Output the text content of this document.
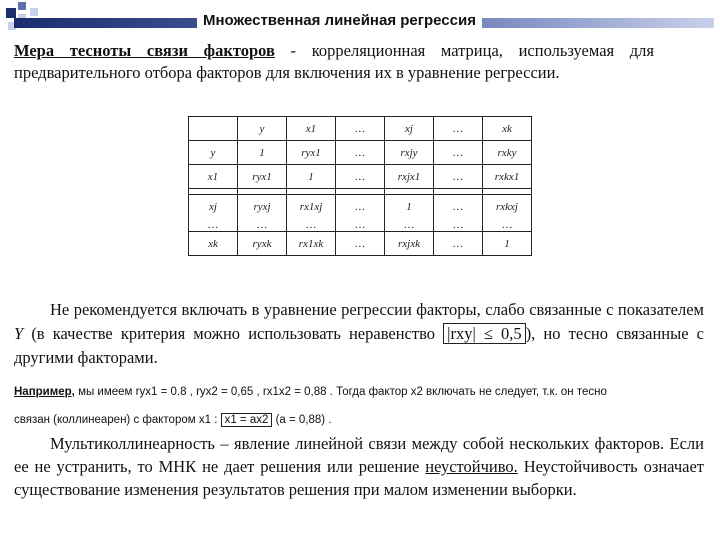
Множественная линейная регрессия

Мера тесноты связи факторов - корреляционная матрица, используемая для предварительного отбора факторов для включения их в уравнение регрессии.

	y	x1	…	xj	…	xk
y	1	ryx1	…	rxjy	…	rxky
x1	ryx1	1	…	rxjx1	…	rxkx1

xj	ryxj	rx1xj	…	1	…	rxkxj
…	…	…	…	…	…	…
xk	ryxk	rx1xk	…	rxjxk	…	1

Не рекомендуется включать в уравнение регрессии факторы, слабо связанные с показателем Y (в качестве критерия можно использовать неравенство |rxy| ≤ 0,5 ), но тесно связанные с другими факторами.

Например, мы имеем ryx1 = 0.8 , ryx2 = 0,65 , rx1x2 = 0,88 . Тогда фактор x2 включать не следует, т.к. он тесно
связан (коллинеарен) с фактором x1 : x1 = ax2 (a = 0,88) .

Мультиколлинеарность – явление линейной связи между собой нескольких факторов. Если ее не устранить, то МНК не дает решения или решение неустойчиво. Неустойчивость означает существование изменения результатов решения при малом изменении выборки.
